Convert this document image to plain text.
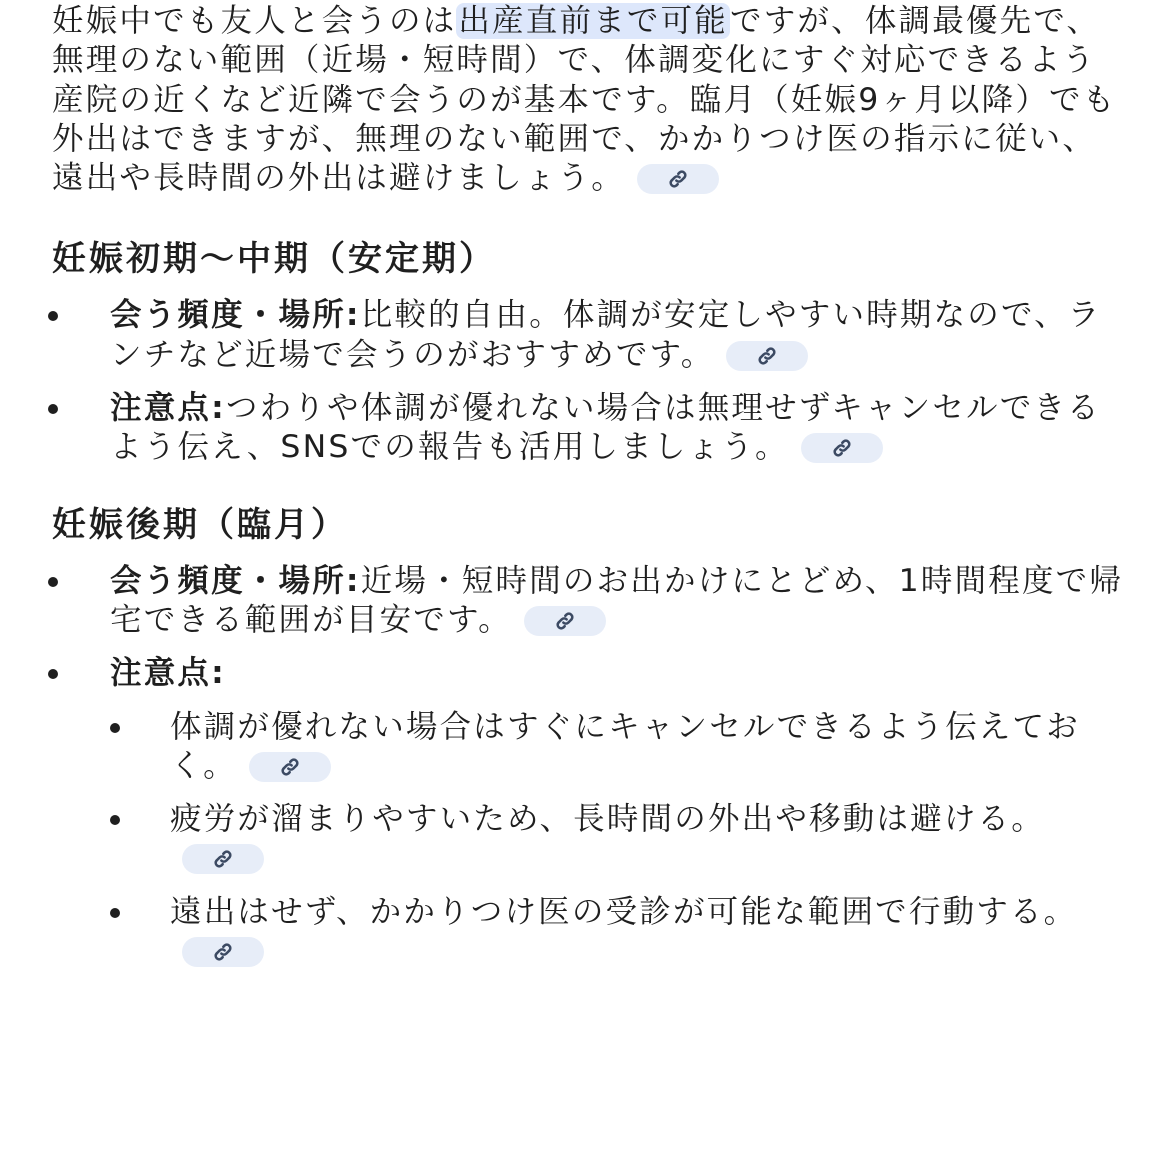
妊娠中でも友人と会うのは出産直前まで可能ですが、体調最優先で、無理のない範囲（近場・短時間）で、体調変化にすぐ対応できるよう産院の近くなど近隣で会うのが基本です。臨月（妊娠9ヶ月以降）でも外出はできますが、無理のない範囲で、かかりつけ医の指示に従い、遠出や長時間の外出は避けましょう。

妊娠初期〜中期（安定期）
会う頻度・場所:比較的自由。体調が安定しやすい時期なので、ランチなど近場で会うのがおすすめです。
注意点:つわりや体調が優れない場合は無理せずキャンセルできるよう伝え、SNSでの報告も活用しましょう。
妊娠後期（臨月）
会う頻度・場所:近場・短時間のお出かけにとどめ、1時間程度で帰宅できる範囲が目安です。
注意点:
体調が優れない場合はすぐにキャンセルできるよう伝えておく。
疲労が溜まりやすいため、長時間の外出や移動は避ける。
遠出はせず、かかりつけ医の受診が可能な範囲で行動する。
